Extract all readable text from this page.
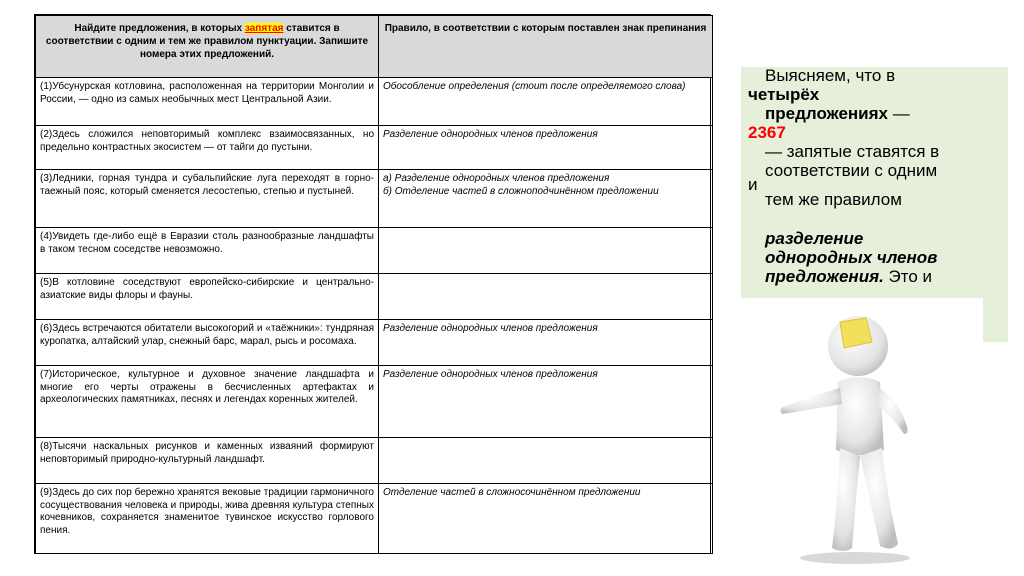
Найдите предложения, в которых запятая ставится в соответствии с одним и тем же правилом пунктуации. Запишите номера этих предложений.	Правило, в соответствии с которым поставлен знак препинания
(1)Убсунурская котловина, расположенная на территории Монголии и России, — одно из самых необычных мест Центральной Азии.	Обособление определения (стоит после определяемого слова)
(2)Здесь сложился неповторимый комплекс взаимосвязанных, но предельно контрастных экосистем — от тайги до пустыни.	Разделение однородных членов предложения
(3)Ледники, горная тундра и субальпийские луга переходят в горно-таежный пояс, который сменяется лесостепью, степью и пустыней.	а) Разделение однородных членов предложения
б) Отделение частей в сложноподчинённом предложении

(4)Увидеть где-либо ещё в Евразии столь разнообразные ландшафты в таком тесном соседстве невозможно.	
(5)В котловине соседствуют европейско-сибирские и центрально-азиатские виды флоры и фауны.	
(6)Здесь встречаются обитатели высокогорий и «таёжники»: тундряная куропатка, алтайский улар, снежный барс, марал, рысь и росомаха.	Разделение однородных членов предложения
(7)Историческое, культурное и духовное значение ландшафта и многие его черты отражены в бесчисленных артефактах и археологических памятниках, песнях и легендах коренных жителей.	Разделение однородных членов предложения
(8)Тысячи наскальных рисунков и каменных изваяний формируют неповторимый природно-культурный ландшафт.	
(9)Здесь до сих пор бережно хранятся вековые традиции гармоничного сосуществования человека и природы, жива древняя культура степных кочевников, сохраняется знаменитое тувинское искусство горлового пения.	Отделение частей в сложносочинённом предложении
Выясняем, что в
четырёх
предложениях —
2367
— запятые ставятся в
соответствии с одним
и
тем же правилом
разделение
однородных членов
предложения. Это и
